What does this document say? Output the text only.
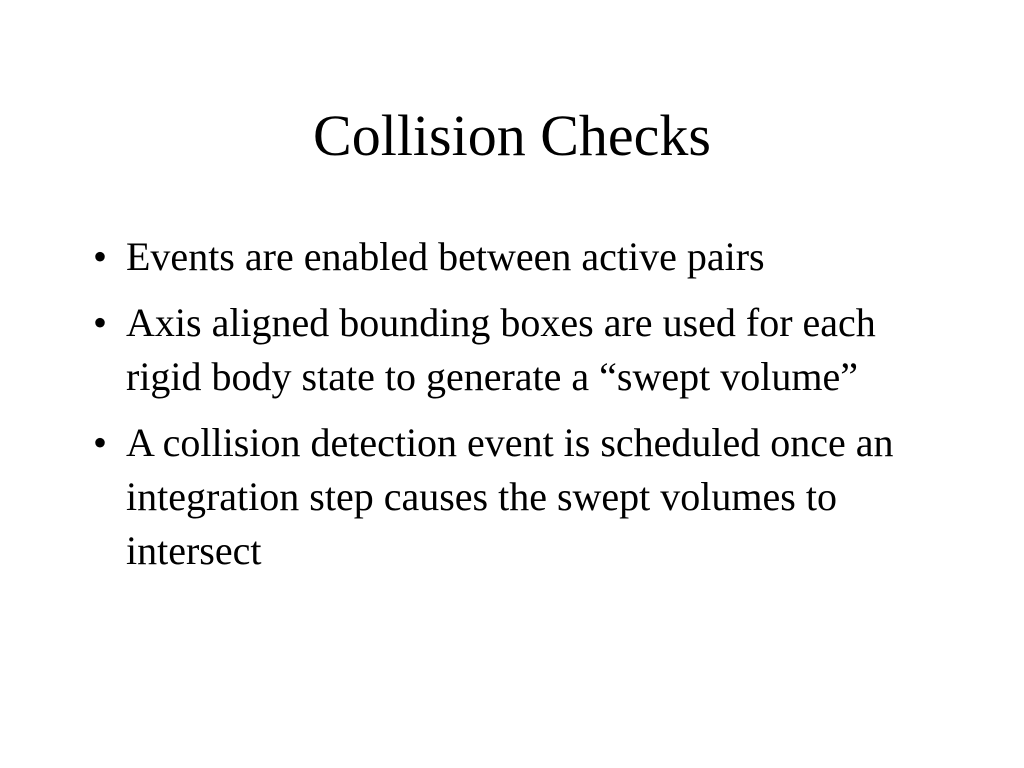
Collision Checks
• Events are enabled between active pairs
• Axis aligned bounding boxes are used for each rigid body state to generate a “swept volume”
• A collision detection event is scheduled once an integration step causes the swept volumes to intersect
